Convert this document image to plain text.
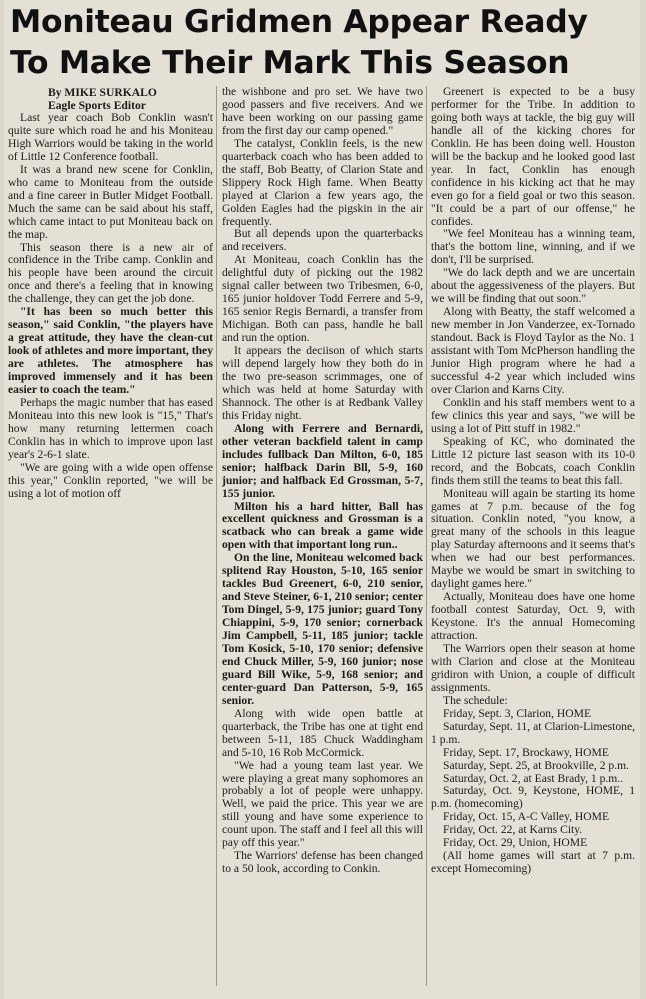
Moniteau Gridmen Appear Ready
To Make Their Mark This Season
By MIKE SURKALO
Eagle Sports Editor

Last year coach Bob Conklin wasn't quite sure which road he and his Moniteau High Warriors would be taking in the world of Little 12 Conference football.

It was a brand new scene for Conklin, who came to Moniteau from the outside and a fine career in Butler Midget Football. Much the same can be said about his staff, which came intact to put Moniteau back on the map.

This season there is a new air of confidence in the Tribe camp. Conklin and his people have been around the circuit once and there's a feeling that in knowing the challenge, they can get the job done.

"It has been so much better this season," said Conklin, "the players have a great attitude, they have the clean-cut look of athletes and more important, they are athletes. The atmosphere has improved immensely and it has been easier to coach the team."

Perhaps the magic number that has eased Moniteau into this new look is "15," That's how many returning lettermen coach Conklin has in which to improve upon last year's 2-6-1 slate.

"We are going with a wide open offense this year," Conklin reported, "we will be using a lot of motion off

the wishbone and pro set. We have two good passers and five receivers. And we have been working on our passing game from the first day our camp opened."

The catalyst, Conklin feels, is the new quarterback coach who has been added to the staff, Bob Beatty, of Clarion State and Slippery Rock High fame. When Beatty played at Clarion a few years ago, the Golden Eagles had the pigskin in the air frequently.

But all depends upon the quarterbacks and receivers.

At Moniteau, coach Conklin has the delightful duty of picking out the 1982 signal caller between two Tribesmen, 6-0, 165 junior holdover Todd Ferrere and 5-9, 165 senior Regis Bernardi, a transfer from Michigan. Both can pass, handle he ball and run the option.

It appears the deciison of which starts will depend largely how they both do in the two pre-season scrimmages, one of which was held at home Saturday with Shannock. The other is at Redbank Valley this Friday night.

Along with Ferrere and Bernardi, other veteran backfield talent in camp includes fullback Dan Milton, 6-0, 185 senior; halfback Darin Bll, 5-9, 160 junior; and halfback Ed Grossman, 5-7, 155 junior.

Milton his a hard hitter, Ball has excellent quickness and Grossman is a scatback who can break a game wide open with that important long run..

On the line, Moniteau welcomed back splitend Ray Houston, 5-10, 165 senior tackles Bud Greenert, 6-0, 210 senior, and Steve Steiner, 6-1, 210 senior; center Tom Dingel, 5-9, 175 junior; guard Tony Chiappini, 5-9, 170 senior; cornerback Jim Campbell, 5-11, 185 junior; tackle Tom Kosick, 5-10, 170 senior; defensive end Chuck Miller, 5-9, 160 junior; nose guard Bill Wike, 5-9, 168 senior; and center-guard Dan Patterson, 5-9, 165 senior.

Along with wide open battle at quarterback, the Tribe has one at tight end between 5-11, 185 Chuck Waddingham and 5-10, 16 Rob McCormick.

"We had a young team last year. We were playing a great many sophomores an probably a lot of people were unhappy. Well, we paid the price. This year we are still young and have some experience to count upon. The staff and I feel all this will pay off this year."

The Warriors' defense has been changed to a 50 look, according to Conkin.

Greenert is expected to be a busy performer for the Tribe. In addition to going both ways at tackle, the big guy will handle all of the kicking chores for Conklin. He has been doing well. Houston will be the backup and he looked good last year. In fact, Conklin has enough confidence in his kicking act that he may even go for a field goal or two this season. "It could be a part of our offense," he confides.

"We feel Moniteau has a winning team, that's the bottom line, winning, and if we don't, I'll be surprised.

"We do lack depth and we are uncertain about the aggessiveness of the players. But we will be finding that out soon."

Along with Beatty, the staff welcomed a new member in Jon Vanderzee, ex-Tornado standout. Back is Floyd Taylor as the No. 1 assistant with Tom McPherson handling the Junior High program where he had a successful 4-2 year which included wins over Clarion and Karns City.

Conklin and his staff members went to a few clinics this year and says, "we will be using a lot of Pitt stuff in 1982."

Speaking of KC, who dominated the Little 12 picture last season with its 10-0 record, and the Bobcats, coach Conklin finds them still the teams to beat this fall.

Moniteau will again be starting its home games at 7 p.m. because of the fog situation. Conklin noted, "you know, a great many of the schools in this league play Saturday afternoons and it seems that's when we had our best performances. Maybe we would be smart in switching to daylight games here."

Actually, Moniteau does have one home football contest Saturday, Oct. 9, with Keystone. It's the annual Homecoming attraction.

The Warriors open their season at home with Clarion and close at the Moniteau gridiron with Union, a couple of difficult assignments.

The schedule:

Friday, Sept. 3, Clarion, HOME

Saturday, Sept. 11, at Clarion-Limestone, 1 p.m.

Friday, Sept. 17, Brockawy, HOME

Saturday, Sept. 25, at Brookville, 2 p.m.

Saturday, Oct. 2, at East Brady, 1 p.m..

Saturday, Oct. 9, Keystone, HOME, 1 p.m. (homecoming)

Friday, Oct. 15, A-C Valley, HOME

Friday, Oct. 22, at Karns City.

Friday, Oct. 29, Union, HOME

(All home games will start at 7 p.m. except Homecoming)
